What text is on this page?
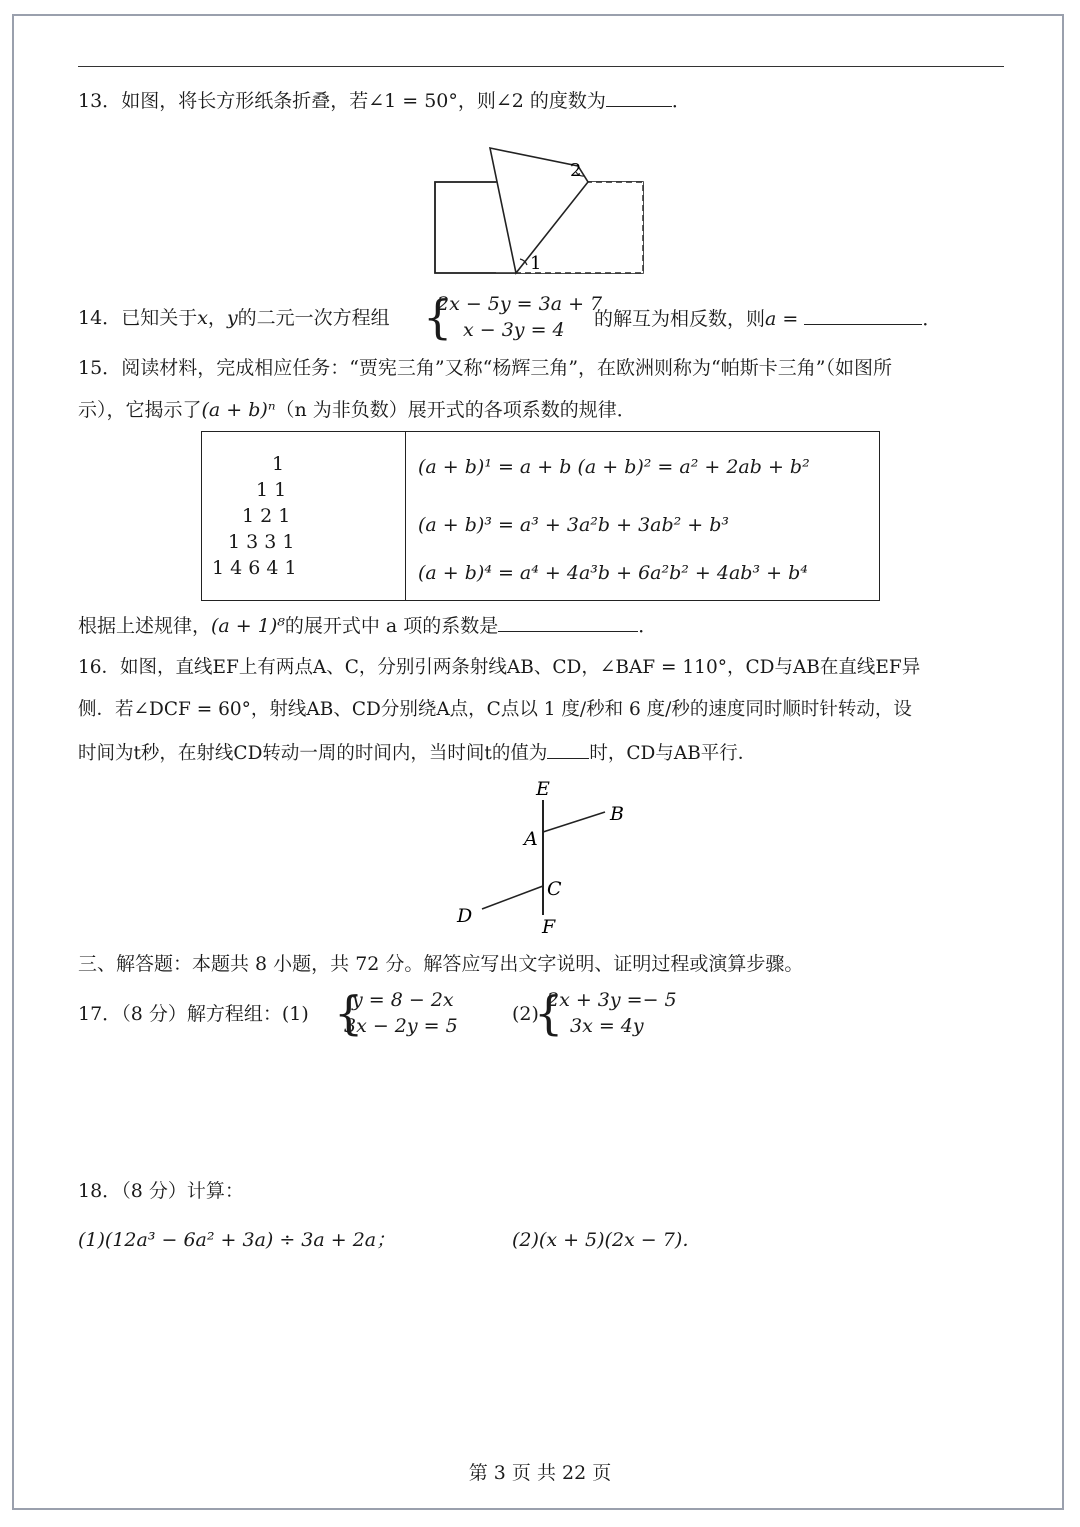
13．如图，将长方形纸条折叠，若∠1 = 50°，则∠2 的度数为	．
1
2
14．已知关于x，y的二元一次方程组 {
2x − 5y = 3a + 7
x − 3y = 4 的解互为相反数，则a =	．
15．阅读材料，完成相应任务：“贾宪三角”又称“杨辉三角”，在欧洲则称为“帕斯卡三角”（如图所
示），它揭示了(a + b)ⁿ（n 为非负数）展开式的各项系数的规律．
1
1 1
1 2 1
1 3 3 1
1 4 6 4 1
(a + b)¹ = a + b (a + b)² = a² + 2ab + b²
(a + b)³ = a³ + 3a²b + 3ab² + b³
(a + b)⁴ = a⁴ + 4a³b + 6a²b² + 4ab³ + b⁴
根据上述规律，(a + 1)⁸的展开式中 a 项的系数是	．
16．如图，直线EF上有两点A、C，分别引两条射线AB、CD，∠BAF = 110°，CD与AB在直线EF异
侧．若∠DCF = 60°，射线AB、CD分别绕A点，C点以 1 度/秒和 6 度/秒的速度同时顺时针转动，设
时间为t秒，在射线CD转动一周的时间内，当时间t的值为 时，CD与AB平行．
E
B
A
C
D	F
三、解答题：本题共 8 小题，共 72 分。解答应写出文字说明、证明过程或演算步骤。
17．（8 分）解方程组：(1) {
y = 8 − 2x
3x − 2y = 5
(2)
{
2x + 3y =− 5
3x = 4y
18．（8 分）计算：
(1)(12a³ − 6a² + 3a) ÷ 3a + 2a；	(2)(x + 5)(2x − 7)．
第 3 页 共 22 页
